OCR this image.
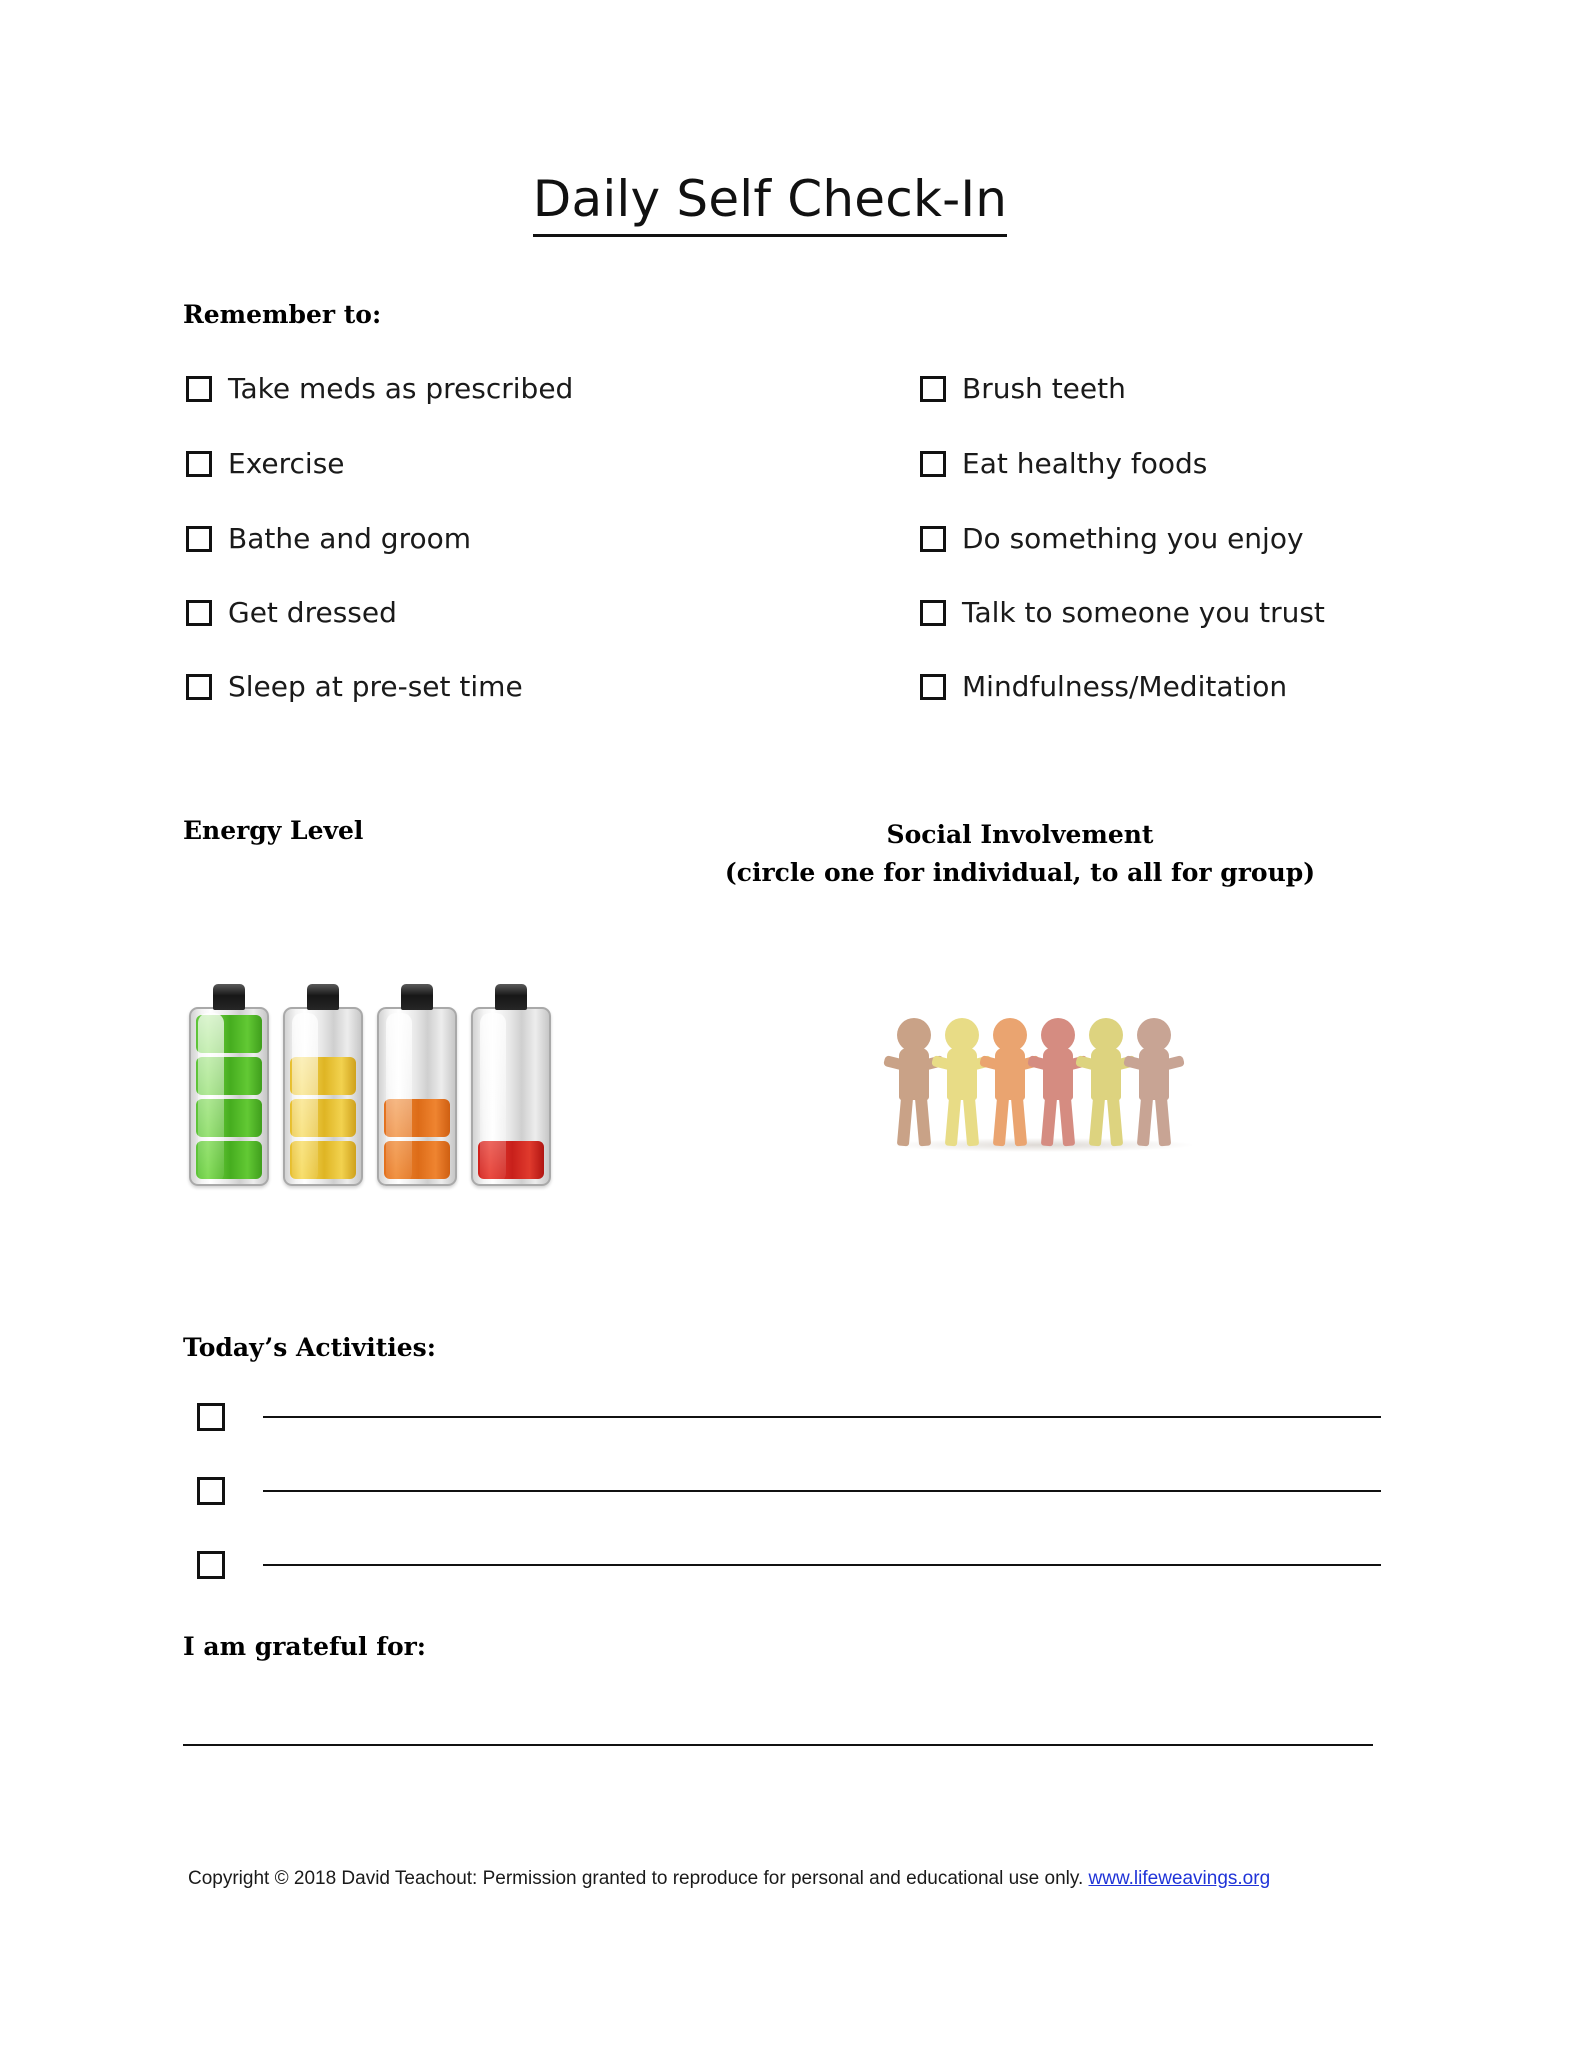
Daily Self Check-In
Remember to:
Take meds as prescribed
Exercise
Bathe and groom
Get dressed
Sleep at pre-set time
Brush teeth
Eat healthy foods
Do something you enjoy
Talk to someone you trust
Mindfulness/Meditation
Energy Level	Social Involvement
(circle one for individual, to all for group)
Today’s Activities:
I am grateful for:
Copyright © 2018 David Teachout: Permission granted to reproduce for personal and educational use only. www.lifeweavings.org
